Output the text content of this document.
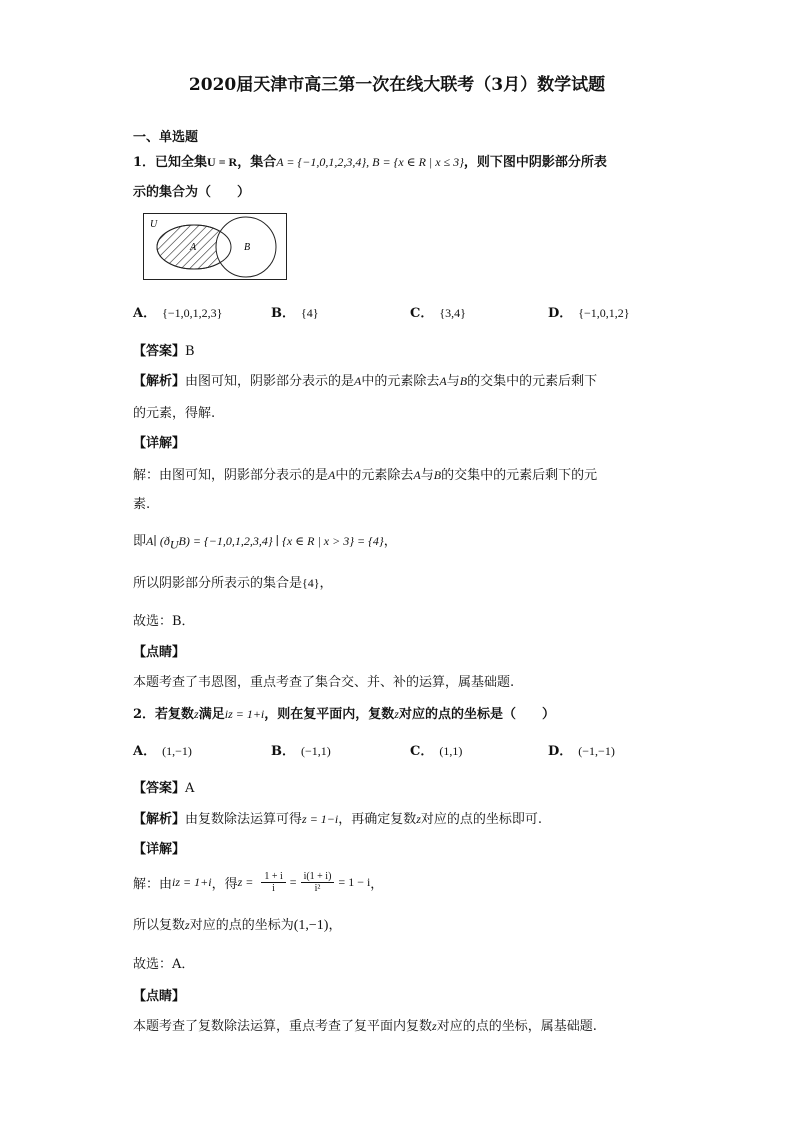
2020届天津市高三第一次在线大联考（3月）数学试题
一、单选题
1．已知全集U = R，集合A = {−1,0,1,2,3,4}, B = {x ∈ R | x ≤ 3}，则下图中阴影部分所表
示的集合为（　　）
U
A	B
A． {−1,0,1,2,3}	B． {4}	C． {3,4}	D． {−1,0,1,2}
【答案】B
【解析】由图可知，阴影部分表示的是A中的元素除去A与B的交集中的元素后剩下
的元素，得解.
【详解】
解：由图可知，阴影部分表示的是A中的元素除去A与B的交集中的元素后剩下的元
素.
即A∣ $(ð_UB) = \{-1,0,1,2,3,4\}$ ∣ {x ∈ R | x > 3} = {4}，
所以阴影部分所表示的集合是{4}，
故选：B．
【点睛】
本题考查了韦恩图，重点考查了集合交、并、补的运算，属基础题.
2．若复数z满足iz = 1+i，则在复平面内，复数z对应的点的坐标是（　　）
A． (1,−1)	B． (−1,1)	C． (1,1)	D． (−1,−1)
【答案】A
【解析】由复数除法运算可得z = 1−i，再确定复数z对应的点的坐标即可.
【详解】
解：由 iz = 1+i ，得 $z = \frac{1 + i}{i} = \frac{i(1 + i)}{\text{i²}} = 1 - i$ ，
所以复数z对应的点的坐标为(1,−1)，
故选：A．
【点睛】
本题考查了复数除法运算，重点考查了复平面内复数z对应的点的坐标，属基础题.
